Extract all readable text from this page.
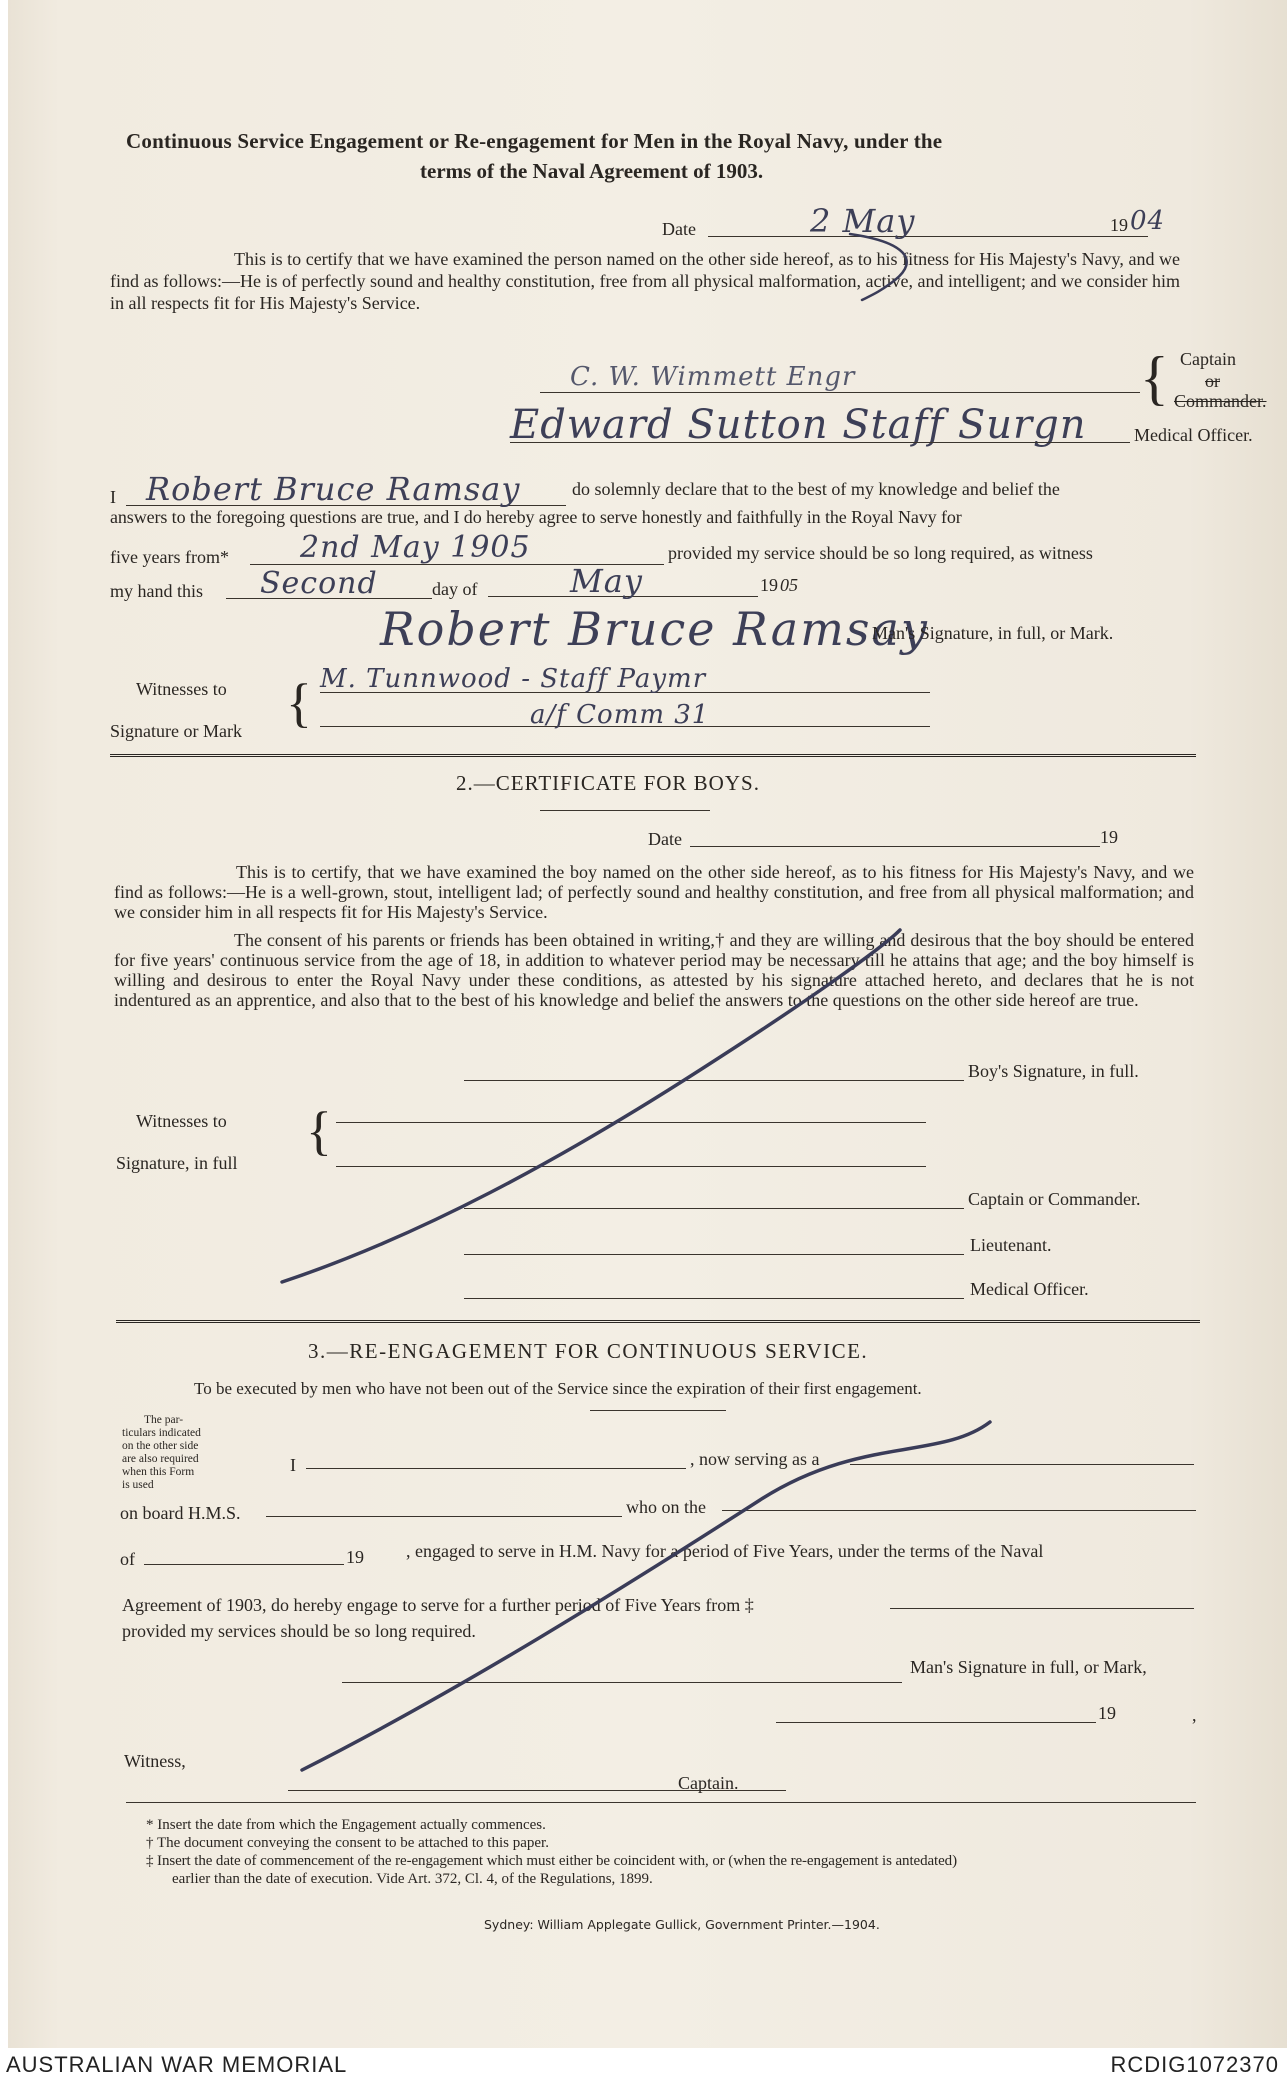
Continuous Service Engagement or Re-engagement for Men in the Royal Navy, under the
terms of the Naval Agreement of 1903.
Date	2 May	19 04
This is to certify that we have examined the person named on the other side hereof, as to his fitness for His Majesty's Navy, and we find as follows:—He is of perfectly sound and healthy constitution, free from all physical malformation, active, and intelligent; and we consider him in all respects fit for His Majesty's Service.
C. W. Wimmett Engr	{ Captain
or
Commander.
Edward Sutton Staff Surgn	Medical Officer.
I Robert Bruce Ramsay	do solemnly declare that to the best of my knowledge and belief the
answers to the foregoing questions are true, and I do hereby agree to serve honestly and faithfully in the Royal Navy for
five years from* 2nd May 1905	provided my service should be so long required, as witness
my hand this Second	day of	May	19 05
Robert Bruce Ramsay
Man's Signature, in full, or Mark.
Witnesses to
Signature or Mark { M. Tunnwood - Staff Paymr
a/f Comm 31
2.—CERTIFICATE FOR BOYS.
Date	19
This is to certify, that we have examined the boy named on the other side hereof, as to his fitness for His Majesty's Navy, and we find as follows:—He is a well-grown, stout, intelligent lad; of perfectly sound and healthy constitution, and free from all physical malformation; and we consider him in all respects fit for His Majesty's Service.
The consent of his parents or friends has been obtained in writing,† and they are willing and desirous that the boy should be entered for five years' continuous service from the age of 18, in addition to whatever period may be necessary till he attains that age; and the boy himself is willing and desirous to enter the Royal Navy under these conditions, as attested by his signature attached hereto, and declares that he is not indentured as an apprentice, and also that to the best of his knowledge and belief the answers to the questions on the other side hereof are true.
Boy's Signature, in full.
Witnesses to
Signature, in full
{
Captain or Commander.
Lieutenant.
Medical Officer.
3.—RE-ENGAGEMENT FOR CONTINUOUS SERVICE.
To be executed by men who have not been out of the Service since the expiration of their first engagement.
The par-
ticulars indicated
on the other side
are also required
when this Form
is used
I	, now serving as a
on board H.M.S.	who on the
of	19 , engaged to serve in H.M. Navy for a period of Five Years, under the terms of the Naval
Agreement of 1903, do hereby engage to serve for a further period of Five Years from ‡
provided my services should be so long required.
Man's Signature in full, or Mark,
19	,
Witness,
Captain.
* Insert the date from which the Engagement actually commences.
† The document conveying the consent to be attached to this paper.
‡ Insert the date of commencement of the re-engagement which must either be coincident with, or (when the re-engagement is antedated)
earlier than the date of execution. Vide Art. 372, Cl. 4, of the Regulations, 1899.
Sydney: William Applegate Gullick, Government Printer.—1904.
AUSTRALIAN WAR MEMORIAL	RCDIG1072370
